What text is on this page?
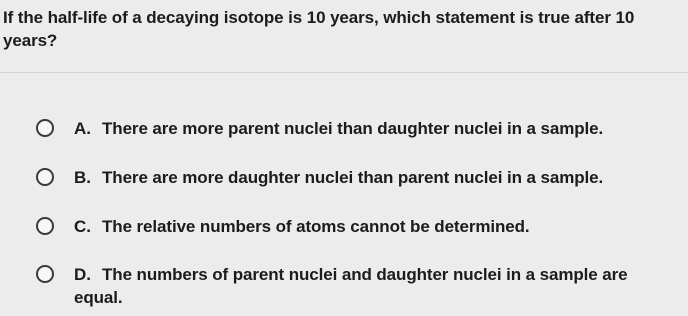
If the half-life of a decaying isotope is 10 years, which statement is true after 10 years?
A. There are more parent nuclei than daughter nuclei in a sample.
B. There are more daughter nuclei than parent nuclei in a sample.
C. The relative numbers of atoms cannot be determined.
D. The numbers of parent nuclei and daughter nuclei in a sample are equal.
